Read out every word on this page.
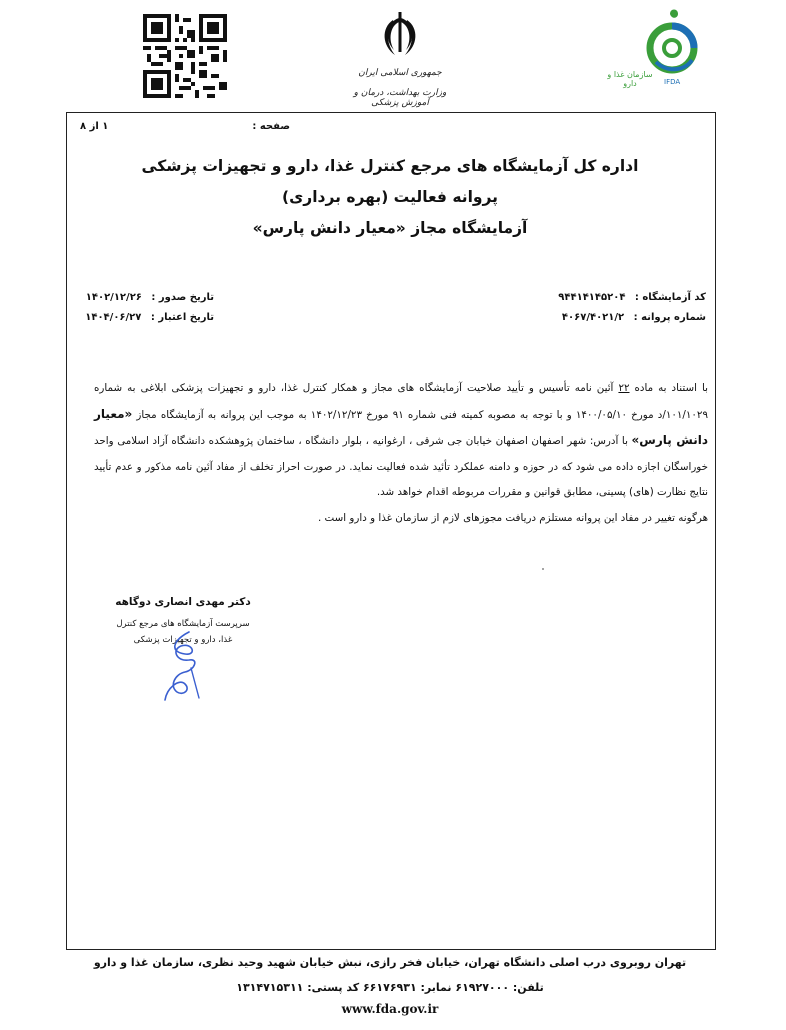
جمهوری اسلامی ایران
وزارت بهداشت، درمان و آموزش پزشکی
سازمان غذا و دارو	IFDA
صفحه :
۱ از ۸
اداره کل آزمایشگاه های مرجع کنترل غذا، دارو و تجهیزات پزشکی
پروانه فعالیت (بهره برداری)
آزمایشگاه مجاز «معیار دانش پارس»
کد آزمایشگاه : ۹۴۴۱۴۱۴۵۲۰۴
شماره پروانه : ۴۰۶۷/۴۰۲۱/۲
تاریخ صدور : ۱۴۰۲/۱۲/۲۶
تاریخ اعتبار : ۱۴۰۴/۰۶/۲۷

با استناد به ماده ۲۲ آئین نامه تأسیس و تأیید صلاحیت آزمایشگاه های مجاز و همکار کنترل غذا، دارو و تجهیزات پزشکی ابلاغی به شماره ۱۰۱/۱۰۲۹/د مورخ ۱۴۰۰/۰۵/۱۰ و با توجه به مصوبه کمیته فنی شماره ۹۱ مورخ ۱۴۰۲/۱۲/۲۳ به موجب این پروانه به آزمایشگاه مجاز «معیار دانش پارس» با آدرس: شهر اصفهان اصفهان خیابان جی شرقی ، ارغوانیه ، بلوار دانشگاه ، ساختمان پژوهشکده دانشگاه آزاد اسلامی واحد خوراسگان اجازه داده می شود که در حوزه و دامنه عملکرد تأئید شده فعالیت نماید. در صورت احراز تخلف از مفاد آئین نامه مذکور و عدم تأیید نتایج نظارت (های) پسینی، مطابق قوانین و مقررات مربوطه اقدام خواهد شد.

هرگونه تغییر در مفاد این پروانه مستلزم دریافت مجوزهای لازم از سازمان غذا و دارو است .

دکتر مهدی انصاری دوگاهه
سرپرست آزمایشگاه های مرجع کنترل
غذا، دارو و تجهیزات پزشکی
تهران روبروی درب اصلی دانشگاه تهران، خیابان فخر رازی، نبش خیابان شهید وحید نظری، سازمان غذا و دارو
تلفن: ۶۱۹۲۷۰۰۰ نمابر: ۶۶۱۷۶۹۳۱ کد پستی: ۱۳۱۴۷۱۵۳۱۱
www.fda.gov.ir
